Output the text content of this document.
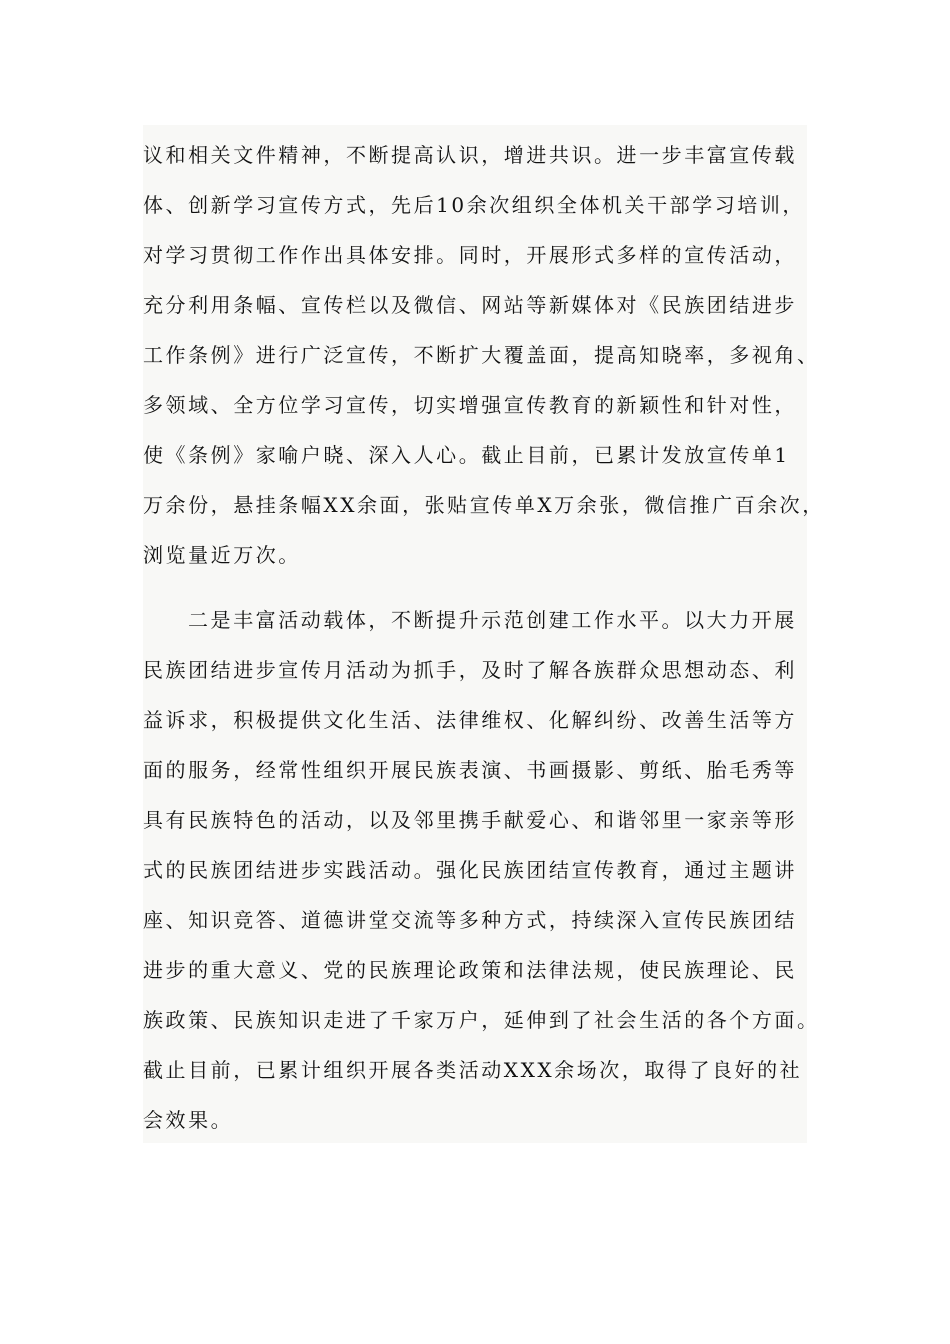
议和相关文件精神，不断提高认识，增进共识。进一步丰富宣传载
体、创新学习宣传方式，先后10余次组织全体机关干部学习培训，
对学习贯彻工作作出具体安排。同时，开展形式多样的宣传活动，
充分利用条幅、宣传栏以及微信、网站等新媒体对《民族团结进步
工作条例》进行广泛宣传，不断扩大覆盖面，提高知晓率，多视角、
多领域、全方位学习宣传，切实增强宣传教育的新颖性和针对性，
使《条例》家喻户晓、深入人心。截止目前，已累计发放宣传单1
万余份，悬挂条幅XX余面，张贴宣传单X万余张，微信推广百余次，
浏览量近万次。
二是丰富活动载体，不断提升示范创建工作水平。以大力开展
民族团结进步宣传月活动为抓手，及时了解各族群众思想动态、利
益诉求，积极提供文化生活、法律维权、化解纠纷、改善生活等方
面的服务，经常性组织开展民族表演、书画摄影、剪纸、胎毛秀等
具有民族特色的活动，以及邻里携手献爱心、和谐邻里一家亲等形
式的民族团结进步实践活动。强化民族团结宣传教育，通过主题讲
座、知识竞答、道德讲堂交流等多种方式，持续深入宣传民族团结
进步的重大意义、党的民族理论政策和法律法规，使民族理论、民
族政策、民族知识走进了千家万户，延伸到了社会生活的各个方面。
截止目前，已累计组织开展各类活动XXX余场次，取得了良好的社
会效果。
